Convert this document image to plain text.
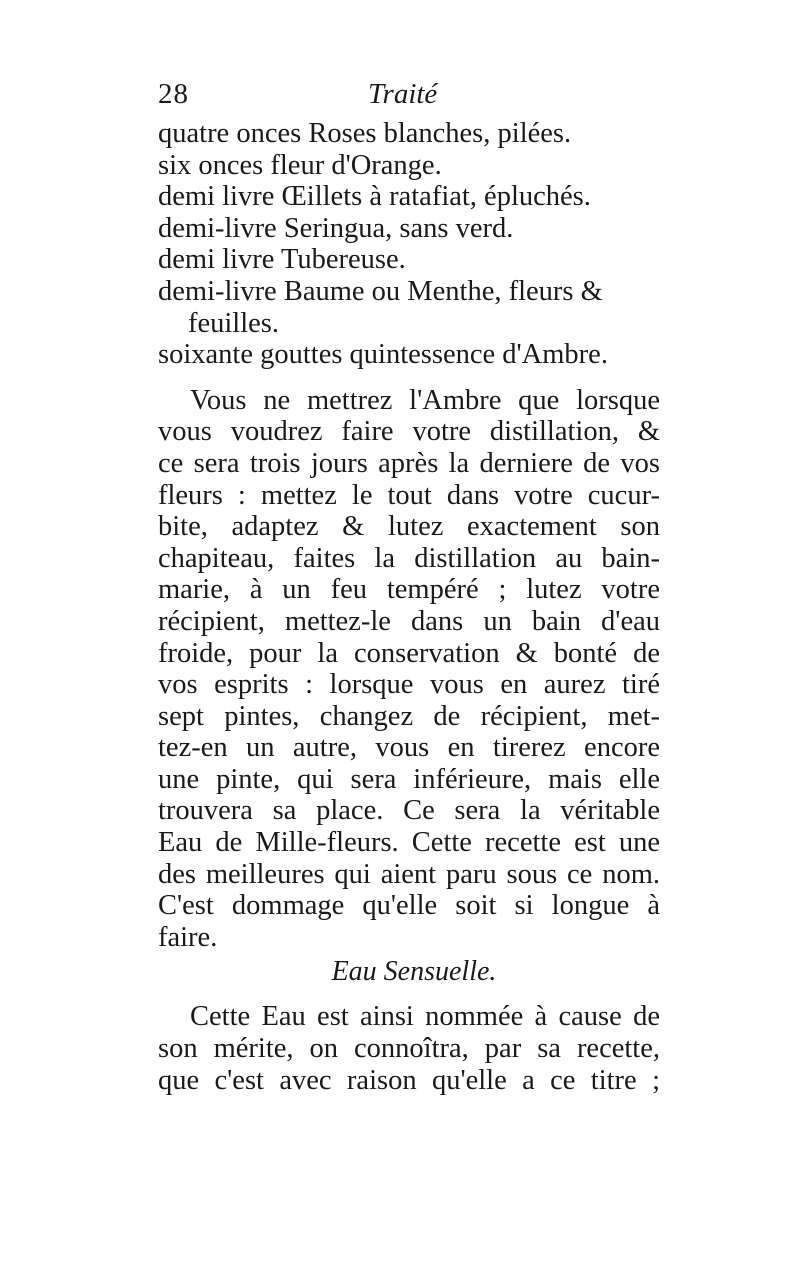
28	Traité
quatre onces Roses blanches, pilées.
six onces fleur d'Orange.
demi livre Œillets à ratafiat, épluchés.
demi-livre Seringua, sans verd.
demi livre Tubereuse.
demi-livre Baume ou Menthe, fleurs &
feuilles.
soixante gouttes quintessence d'Ambre.
Vous ne mettrez l'Ambre que lorsque
vous voudrez faire votre distillation, &
ce sera trois jours après la derniere de vos
fleurs : mettez le tout dans votre cucur-
bite, adaptez & lutez exactement son
chapiteau, faites la distillation au bain-
marie, à un feu tempéré ; lutez votre
récipient, mettez-le dans un bain d'eau
froide, pour la conservation & bonté de
vos esprits : lorsque vous en aurez tiré
sept pintes, changez de récipient, met-
tez-en un autre, vous en tirerez encore
une pinte, qui sera inférieure, mais elle
trouvera sa place. Ce sera la véritable
Eau de Mille-fleurs. Cette recette est une
des meilleures qui aient paru sous ce nom.
C'est dommage qu'elle soit si longue à
faire.
Eau Sensuelle.
Cette Eau est ainsi nommée à cause de
son mérite, on connoîtra, par sa recette,
que c'est avec raison qu'elle a ce titre ;
